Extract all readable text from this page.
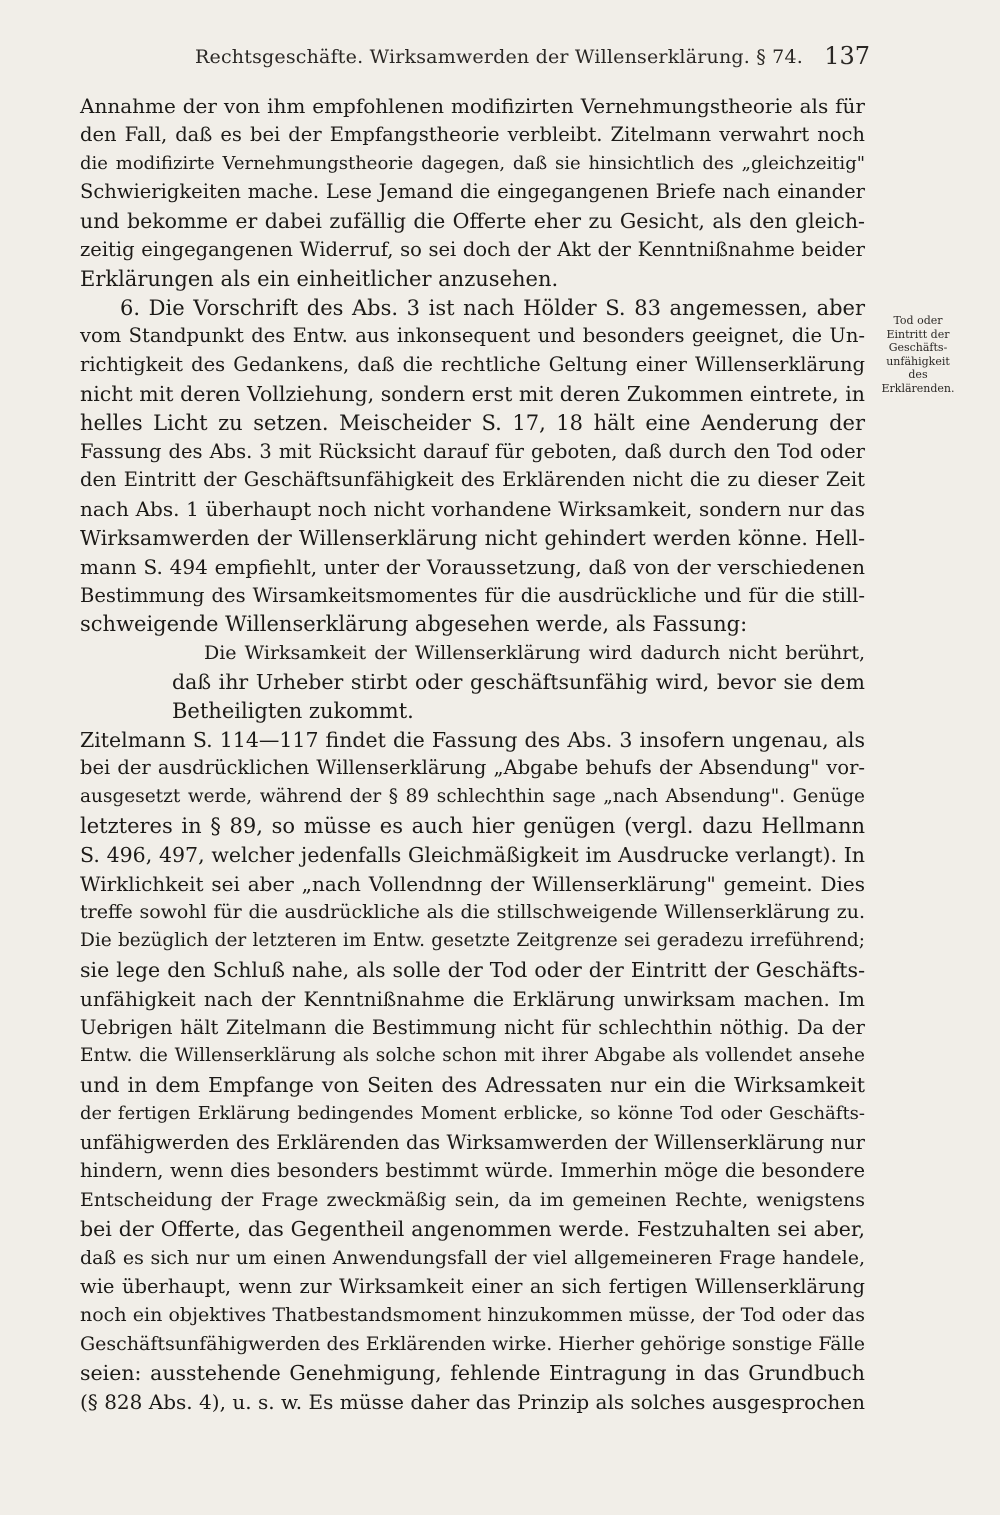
Rechtsgeschäfte. Wirksamwerden der Willenserklärung. § 74. 137
Annahme der von ihm empfohlenen modifizirten Vernehmungstheorie als für
den Fall, daß es bei der Empfangstheorie verbleibt. Zitelmann verwahrt noch
die modifizirte Vernehmungstheorie dagegen, daß sie hinsichtlich des „gleichzeitig"
Schwierigkeiten mache. Lese Jemand die eingegangenen Briefe nach einander
und bekomme er dabei zufällig die Offerte eher zu Gesicht, als den gleich-
zeitig eingegangenen Widerruf, so sei doch der Akt der Kenntnißnahme beider
Erklärungen als ein einheitlicher anzusehen.
6. Die Vorschrift des Abs. 3 ist nach Hölder S. 83 angemessen, aber
vom Standpunkt des Entw. aus inkonsequent und besonders geeignet, die Un-
richtigkeit des Gedankens, daß die rechtliche Geltung einer Willenserklärung
nicht mit deren Vollziehung, sondern erst mit deren Zukommen eintrete, in
helles Licht zu setzen. Meischeider S. 17, 18 hält eine Aenderung der
Fassung des Abs. 3 mit Rücksicht darauf für geboten, daß durch den Tod oder
den Eintritt der Geschäftsunfähigkeit des Erklärenden nicht die zu dieser Zeit
nach Abs. 1 überhaupt noch nicht vorhandene Wirksamkeit, sondern nur das
Wirksamwerden der Willenserklärung nicht gehindert werden könne. Hell-
mann S. 494 empfiehlt, unter der Voraussetzung, daß von der verschiedenen
Bestimmung des Wirsamkeitsmomentes für die ausdrückliche und für die still-
schweigende Willenserklärung abgesehen werde, als Fassung:
Die Wirksamkeit der Willenserklärung wird dadurch nicht berührt,
daß ihr Urheber stirbt oder geschäftsunfähig wird, bevor sie dem
Betheiligten zukommt.
Zitelmann S. 114—117 findet die Fassung des Abs. 3 insofern ungenau, als
bei der ausdrücklichen Willenserklärung „Abgabe behufs der Absendung" vor-
ausgesetzt werde, während der § 89 schlechthin sage „nach Absendung". Genüge
letzteres in § 89, so müsse es auch hier genügen (vergl. dazu Hellmann
S. 496, 497, welcher jedenfalls Gleichmäßigkeit im Ausdrucke verlangt). In
Wirklichkeit sei aber „nach Vollendnng der Willenserklärung" gemeint. Dies
treffe sowohl für die ausdrückliche als die stillschweigende Willenserklärung zu.
Die bezüglich der letzteren im Entw. gesetzte Zeitgrenze sei geradezu irreführend;
sie lege den Schluß nahe, als solle der Tod oder der Eintritt der Geschäfts-
unfähigkeit nach der Kenntnißnahme die Erklärung unwirksam machen. Im
Uebrigen hält Zitelmann die Bestimmung nicht für schlechthin nöthig. Da der
Entw. die Willenserklärung als solche schon mit ihrer Abgabe als vollendet ansehe
und in dem Empfange von Seiten des Adressaten nur ein die Wirksamkeit
der fertigen Erklärung bedingendes Moment erblicke, so könne Tod oder Geschäfts-
unfähigwerden des Erklärenden das Wirksamwerden der Willenserklärung nur
hindern, wenn dies besonders bestimmt würde. Immerhin möge die besondere
Entscheidung der Frage zweckmäßig sein, da im gemeinen Rechte, wenigstens
bei der Offerte, das Gegentheil angenommen werde. Festzuhalten sei aber,
daß es sich nur um einen Anwendungsfall der viel allgemeineren Frage handele,
wie überhaupt, wenn zur Wirksamkeit einer an sich fertigen Willenserklärung
noch ein objektives Thatbestandsmoment hinzukommen müsse, der Tod oder das
Geschäftsunfähigwerden des Erklärenden wirke. Hierher gehörige sonstige Fälle
seien: ausstehende Genehmigung, fehlende Eintragung in das Grundbuch
(§ 828 Abs. 4), u. s. w. Es müsse daher das Prinzip als solches ausgesprochen
Tod oder
Eintritt der
Geschäfts-
unfähigkeit
des
Erklärenden.
